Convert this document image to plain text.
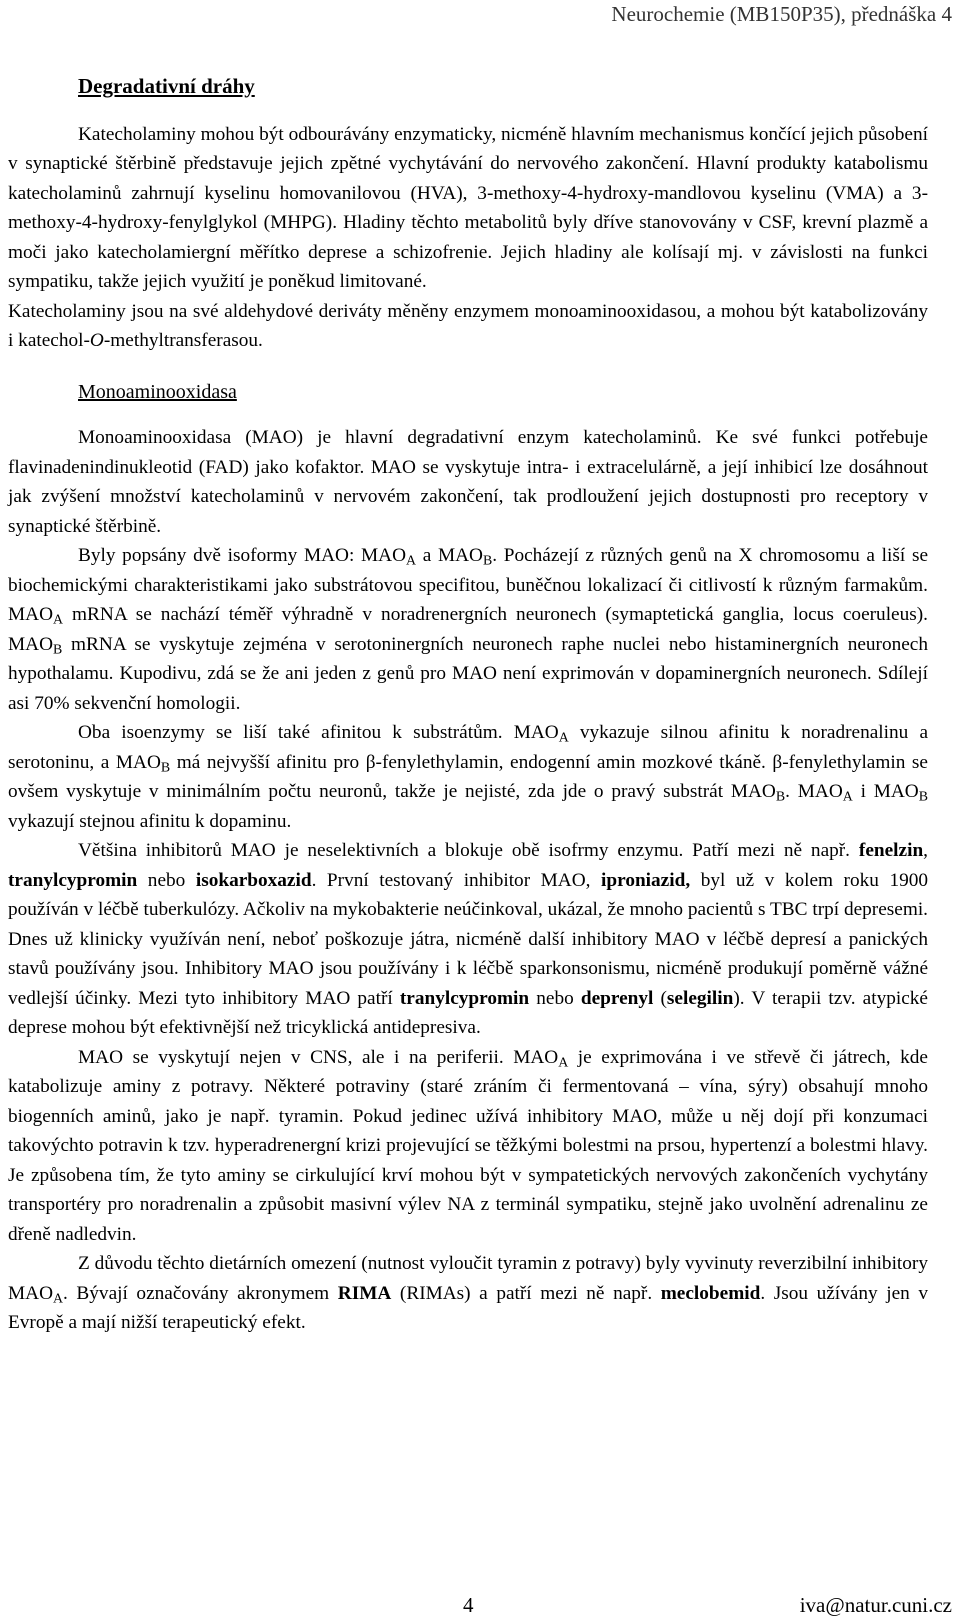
Neurochemie (MB150P35), přednáška 4
Degradativní dráhy

Katecholaminy mohou být odbourávány enzymaticky, nicméně hlavním mechanismus končící jejich působení v synaptické štěrbině představuje jejich zpětné vychytávání do nervového zakončení. Hlavní produkty katabolismu katecholaminů zahrnují kyselinu homovanilovou (HVA), 3-methoxy-4-hydroxy-mandlovou kyselinu (VMA) a 3-methoxy-4-hydroxy-fenylglykol (MHPG). Hladiny těchto metabolitů byly dříve stanovovány v CSF, krevní plazmě a moči jako katecholamiergní měřítko deprese a schizofrenie. Jejich hladiny ale kolísají mj. v závislosti na funkci sympatiku, takže jejich využití je poněkud limitované.
Katecholaminy jsou na své aldehydové deriváty měněny enzymem monoaminooxidasou, a mohou být katabolizovány i katechol-O-methyltransferasou.

Monoaminooxidasa

Monoaminooxidasa (MAO) je hlavní degradativní enzym katecholaminů. Ke své funkci potřebuje flavinadenindinukleotid (FAD) jako kofaktor. MAO se vyskytuje intra- i extracelulárně, a její inhibicí lze dosáhnout jak zvýšení množství katecholaminů v nervovém zakončení, tak prodloužení jejich dostupnosti pro receptory v synaptické štěrbině.

Byly popsány dvě isoformy MAO: $MAO_A$ a $MAO_B$. Pocházejí z různých genů na X chromosomu a liší se biochemickými charakteristikami jako substrátovou specifitou, buněčnou lokalizací či citlivostí k různým farmakům. $MAO_A$ mRNA se nachází téměř výhradně v noradrenergních neuronech (symaptetická ganglia, locus coeruleus). $MAO_B$ mRNA se vyskytuje zejména v serotoninergních neuronech raphe nuclei nebo histaminergních neuronech hypothalamu. Kupodivu, zdá se že ani jeden z genů pro MAO není exprimován v dopaminergních neuronech. Sdílejí asi 70% sekvenční homologii.

Oba isoenzymy se liší také afinitou k substrátům. $MAO_A$ vykazuje silnou afinitu k noradrenalinu a serotoninu, a $MAO_B$ má nejvyšší afinitu pro β-fenylethylamin, endogenní amin mozkové tkáně. β-fenylethylamin se ovšem vyskytuje v minimálním počtu neuronů, takže je nejisté, zda jde o pravý substrát $MAO_B$. $MAO_A$ i $MAO_B$ vykazují stejnou afinitu k dopaminu.

Většina inhibitorů MAO je neselektivních a blokuje obě isofrmy enzymu. Patří mezi ně např. fenelzin, tranylcypromin nebo isokarboxazid. První testovaný inhibitor MAO, iproniazid, byl už v kolem roku 1900 používán v léčbě tuberkulózy. Ačkoliv na mykobakterie neúčinkoval, ukázal, že mnoho pacientů s TBC trpí depresemi. Dnes už klinicky využíván není, neboť poškozuje játra, nicméně další inhibitory MAO v léčbě depresí a panických stavů používány jsou. Inhibitory MAO jsou používány i k léčbě sparkonsonismu, nicméně produkují poměrně vážné vedlejší účinky. Mezi tyto inhibitory MAO patří tranylcypromin nebo deprenyl (selegilin). V terapii tzv. atypické deprese mohou být efektivnější než tricyklická antidepresiva.

MAO se vyskytují nejen v CNS, ale i na periferii. $MAO_A$ je exprimována i ve střevě či játrech, kde katabolizuje aminy z potravy. Některé potraviny (staré zráním či fermentovaná – vína, sýry) obsahují mnoho biogenních aminů, jako je např. tyramin. Pokud jedinec užívá inhibitory MAO, může u něj dojí při konzumaci takovýchto potravin k tzv. hyperadrenergní krizi projevující se těžkými bolestmi na prsou, hypertenzí a bolestmi hlavy. Je způsobena tím, že tyto aminy se cirkulující krví mohou být v sympatetických nervových zakončeních vychytány transportéry pro noradrenalin a způsobit masivní výlev NA z terminál sympatiku, stejně jako uvolnění adrenalinu ze dřeně nadledvin.

Z důvodu těchto dietárních omezení (nutnost vyloučit tyramin z potravy) byly vyvinuty reverzibilní inhibitory $MAO_A$. Bývají označovány akronymem RIMA (RIMAs) a patří mezi ně např. meclobemid. Jsou užívány jen v Evropě a mají nižší terapeutický efekt.

4	iva@natur.cuni.cz
